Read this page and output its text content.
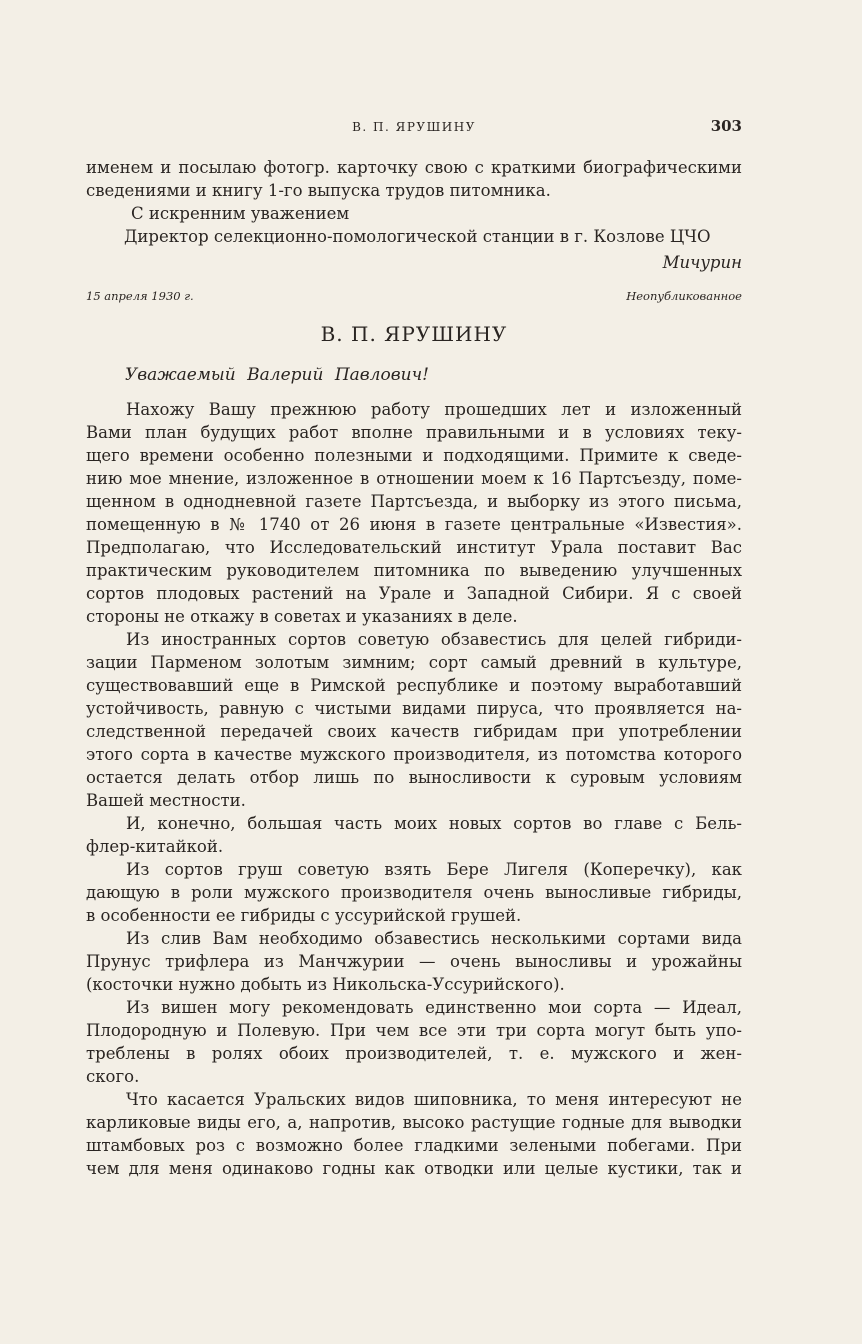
В. П. ЯРУШИНУ	303
именем и посылаю фотогр. карточку свою с краткими биографическими
сведениями и книгу 1-го выпуска трудов питомника.
С искренним уважением
Директор селекционно-помологической станции в г. Козлове ЦЧО
Мичурин
15 апреля 1930 г.	Неопубликованное
В. П. ЯРУШИНУ
Уважаемый Валерий Павлович!
Нахожу Вашу прежнюю работу прошедших лет и изложенный
Вами план будущих работ вполне правильными и в условиях теку-
щего времени особенно полезными и подходящими. Примите к сведе-
нию мое мнение, изложенное в отношении моем к 16 Партсъезду, поме-
щенном в однодневной газете Партсъезда, и выборку из этого письма,
помещенную в № 1740 от 26 июня в газете центральные «Известия».
Предполагаю, что Исследовательский институт Урала поставит Вас
практическим руководителем питомника по выведению улучшенных
сортов плодовых растений на Урале и Западной Сибири. Я с своей
стороны не откажу в советах и указаниях в деле.
Из иностранных сортов советую обзавестись для целей гибриди-
зации Парменом золотым зимним; сорт самый древний в культуре,
существовавший еще в Римской республике и поэтому выработавший
устойчивость, равную с чистыми видами пируса, что проявляется на-
следственной передачей своих качеств гибридам при употреблении
этого сорта в качестве мужского производителя, из потомства которого
остается делать отбор лишь по выносливости к суровым условиям
Вашей местности.
И, конечно, большая часть моих новых сортов во главе с Бель-
флер-китайкой.
Из сортов груш советую взять Бере Лигеля (Коперечку), как
дающую в роли мужского производителя очень выносливые гибриды,
в особенности ее гибриды с уссурийской грушей.
Из слив Вам необходимо обзавестись несколькими сортами вида
Прунус трифлера из Манчжурии — очень выносливы и урожайны
(косточки нужно добыть из Никольска-Уссурийского).
Из вишен могу рекомендовать единственно мои сорта — Идеал,
Плодородную и Полевую. При чем все эти три сорта могут быть упо-
треблены в ролях обоих производителей, т. е. мужского и жен-
ского.
Что касается Уральских видов шиповника, то меня интересуют не
карликовые виды его, а, напротив, высоко растущие годные для выводки
штамбовых роз с возможно более гладкими зелеными побегами. При
чем для меня одинаково годны как отводки или целые кустики, так и
